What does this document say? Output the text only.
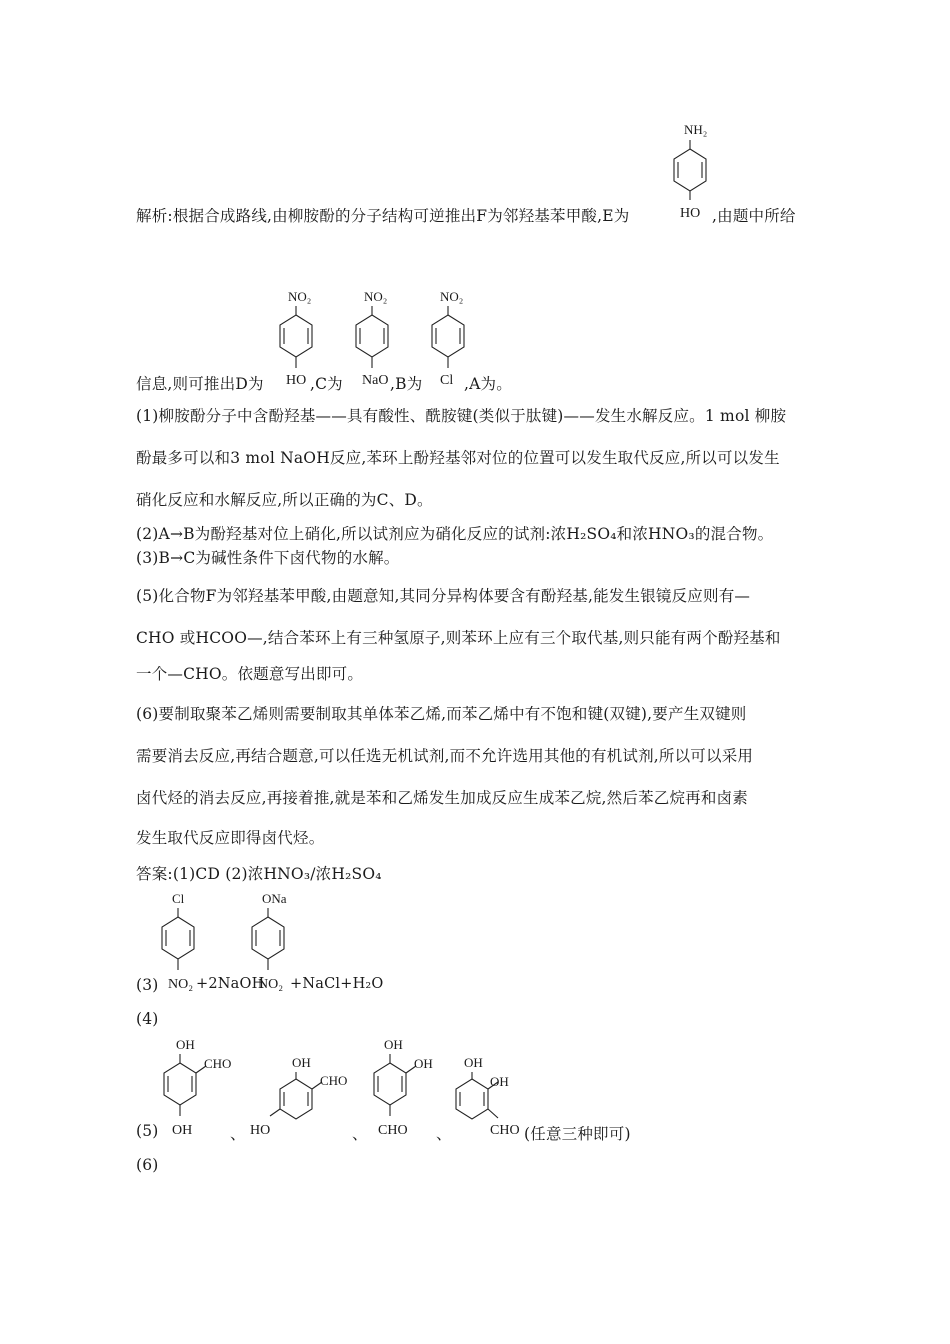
解析:根据合成路线,由柳胺酚的分子结构可逆推出F为邻羟基苯甲酸,E为
NH₂
HO ,由题中所给
信息,则可推出D为
NO₂
HO ,C为
NO₂
NaO ,B为
NO₂
Cl ,A为。
(1)柳胺酚分子中含酚羟基——具有酸性、酰胺键(类似于肽键)——发生水解反应。1 mol 柳胺
酚最多可以和3 mol NaOH反应,苯环上酚羟基邻对位的位置可以发生取代反应,所以可以发生
硝化反应和水解反应,所以正确的为C、D。
(2)A→B为酚羟基对位上硝化,所以试剂应为硝化反应的试剂:浓H₂SO₄和浓HNO₃的混合物。
(3)B→C为碱性条件下卤代物的水解。
(5)化合物F为邻羟基苯甲酸,由题意知,其同分异构体要含有酚羟基,能发生银镜反应则有—
CHO 或HCOO—,结合苯环上有三种氢原子,则苯环上应有三个取代基,则只能有两个酚羟基和
一个—CHO。依题意写出即可。
(6)要制取聚苯乙烯则需要制取其单体苯乙烯,而苯乙烯中有不饱和键(双键),要产生双键则
需要消去反应,再结合题意,可以任选无机试剂,而不允许选用其他的有机试剂,所以可以采用
卤代烃的消去反应,再接着推,就是苯和乙烯发生加成反应生成苯乙烷,然后苯乙烷再和卤素
发生取代反应即得卤代烃。
答案:(1)CD (2)浓HNO₃/浓H₂SO₄
(3)
Cl
NO₂ +2NaOH
ONa
NO₂ +NaCl+H₂O
(4)
(5)
OH
CHO
OH 、
OH
CHO
HO	、
OH
OH
CHO 、
OH
OH
CHO (任意三种即可)
(6)
